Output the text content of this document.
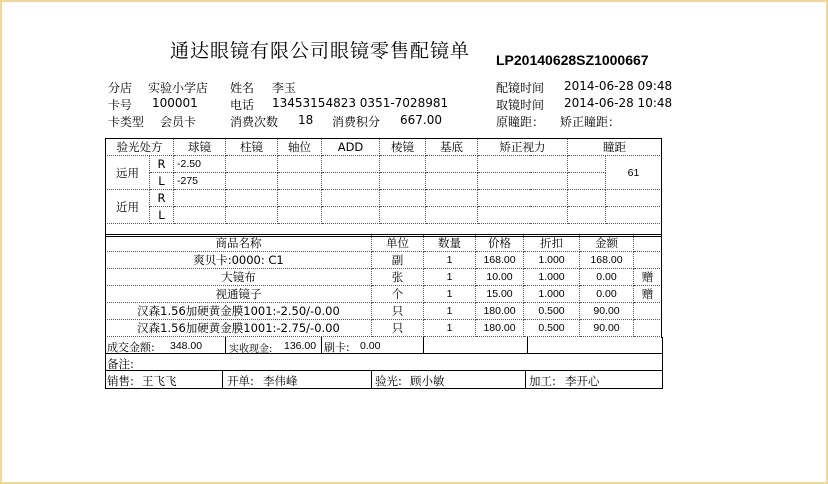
通达眼镜有限公司眼镜零售配镜单 LP20140628SZ1000667
分店 实验小学店 姓名 李玉
卡号 100001	电话 13453154823 0351-7028981
卡类型 会员卡	消费次数 18 消费积分 667.00
配镜时间 2014-06-28 09:48
取镜时间 2014-06-28 10:48
原瞳距： 矫正瞳距：
验光处方		球镜	柱镜	轴位	ADD	棱镜	基底	矫正视力	瞳距	
远用	R	-2.50								61
	L	-275								
近用	R									
	L									
商品名称	单位	数量	价格	折扣	金额	
爽贝卡:0000: C1	副	1	168.00	1.000	168.00	
大镜布	张	1	10.00	1.000	0.00	赠
视通镜子	个	1	15.00	1.000	0.00	赠
汉森1.56加硬黄金膜1001:-2.50/-0.00	只	1	180.00	0.500	90.00	
汉森1.56加硬黄金膜1001:-2.75/-0.00	只	1	180.00	0.500	90.00	
成交金额: 348.00	实收现金: 136.00 刷卡: 0.00
备注:
销售: 王飞飞	开单: 李伟峰	验光: 顾小敏	加工: 李开心
